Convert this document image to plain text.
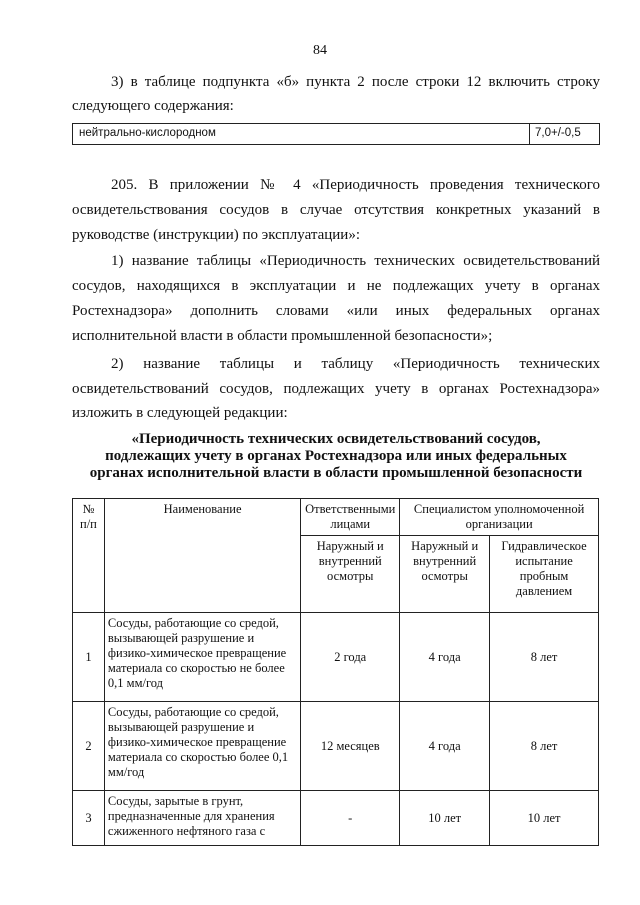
84
3) в таблице подпункта «б» пункта 2 после строки 12 включить строку
следующего содержания:
нейтрально-кислородном	7,0+/-0,5
205. В приложении № 4 «Периодичность проведения технического
освидетельствования сосудов в случае отсутствия конкретных указаний в
руководстве (инструкции) по эксплуатации»:
1) название таблицы «Периодичность технических освидетельствований
сосудов, находящихся в эксплуатации и не подлежащих учету в органах
Ростехнадзора» дополнить словами «или иных федеральных органах
исполнительной власти в области промышленной безопасности»;
2) название таблицы и таблицу «Периодичность технических
освидетельствований сосудов, подлежащих учету в органах Ростехнадзора»
изложить в следующей редакции:
«Периодичность технических освидетельствований сосудов,
подлежащих учету в органах Ростехнадзора или иных федеральных
органах исполнительной власти в области промышленной безопасности
№ п/п	Наименование	Ответственными лицами	Специалистом уполномоченной организации	
		Наружный и внутренний осмотры	Наружный и внутренний осмотры	Гидравлическое испытание пробным давлением
1	Сосуды, работающие со средой, вызывающей разрушение и физико-химическое превращение материала со скоростью не более 0,1 мм/год	2 года	4 года	8 лет
2	Сосуды, работающие со средой, вызывающей разрушение и физико-химическое превращение материала со скоростью более 0,1 мм/год	12 месяцев	4 года	8 лет
3	Сосуды, зарытые в грунт, предназначенные для хранения сжиженного нефтяного газа с	-	10 лет	10 лет
